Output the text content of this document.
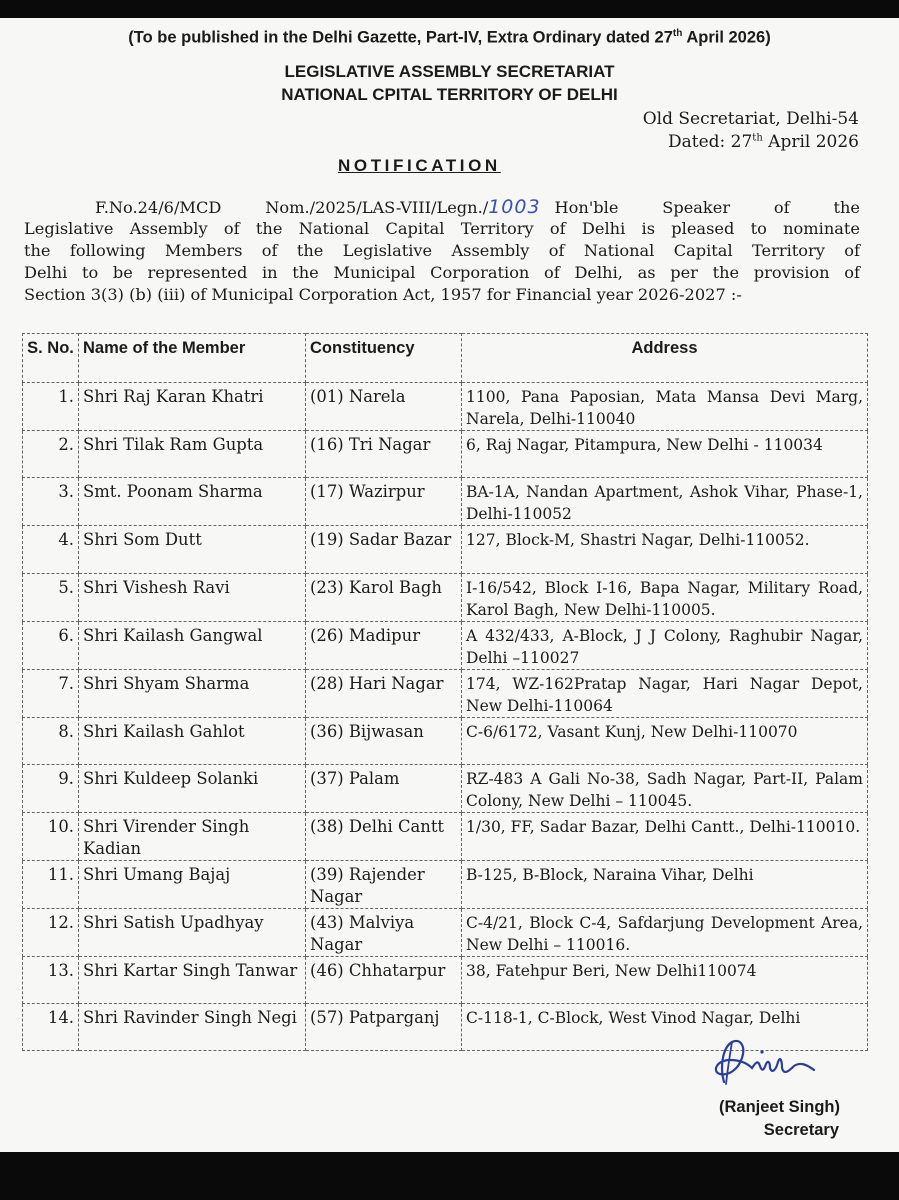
(To be published in the Delhi Gazette, Part-IV, Extra Ordinary dated 27th April 2026)
LEGISLATIVE ASSEMBLY SECRETARIAT
NATIONAL CPITAL TERRITORY OF DELHI
Old Secretariat, Delhi-54
Dated: 27th April 2026
NOTIFICATION
F.No.24/6/MCD Nom./2025/LAS-VIII/Legn./1003 Hon'ble Speaker of the
Legislative Assembly of the National Capital Territory of Delhi is pleased to nominate
the following Members of the Legislative Assembly of National Capital Territory of
Delhi to be represented in the Municipal Corporation of Delhi, as per the provision of
Section 3(3) (b) (iii) of Municipal Corporation Act, 1957 for Financial year 2026-2027 :-
S. No.	Name of the Member	Constituency	Address
1.	Shri Raj Karan Khatri	(01) Narela	1100, Pana Paposian, Mata Mansa Devi Marg, Narela, Delhi-110040
2.	Shri Tilak Ram Gupta	(16) Tri Nagar	6, Raj Nagar, Pitampura, New Delhi - 110034
3.	Smt. Poonam Sharma	(17) Wazirpur	BA-1A, Nandan Apartment, Ashok Vihar, Phase-1, Delhi-110052
4.	Shri Som Dutt	(19) Sadar Bazar	127, Block-M, Shastri Nagar, Delhi-110052.
5.	Shri Vishesh Ravi	(23) Karol Bagh	I-16/542, Block I-16, Bapa Nagar, Military Road, Karol Bagh, New Delhi-110005.
6.	Shri Kailash Gangwal	(26) Madipur	A 432/433, A-Block, J J Colony, Raghubir Nagar, Delhi –110027
7.	Shri Shyam Sharma	(28) Hari Nagar	174, WZ-162Pratap Nagar, Hari Nagar Depot, New Delhi-110064
8.	Shri Kailash Gahlot	(36) Bijwasan	C-6/6172, Vasant Kunj, New Delhi-110070
9.	Shri Kuldeep Solanki	(37) Palam	RZ-483 A Gali No-38, Sadh Nagar, Part-II, Palam Colony, New Delhi – 110045.
10.	Shri Virender Singh Kadian	(38) Delhi Cantt	1/30, FF, Sadar Bazar, Delhi Cantt., Delhi-110010.
11.	Shri Umang Bajaj	(39) Rajender Nagar	B-125, B-Block, Naraina Vihar, Delhi
12.	Shri Satish Upadhyay	(43) Malviya Nagar	C-4/21, Block C-4, Safdarjung Development Area, New Delhi – 110016.
13.	Shri Kartar Singh Tanwar	(46) Chhatarpur	38, Fatehpur Beri, New Delhi110074
14.	Shri Ravinder Singh Negi	(57) Patparganj	C-118-1, C-Block, West Vinod Nagar, Delhi
(Ranjeet Singh)
Secretary
